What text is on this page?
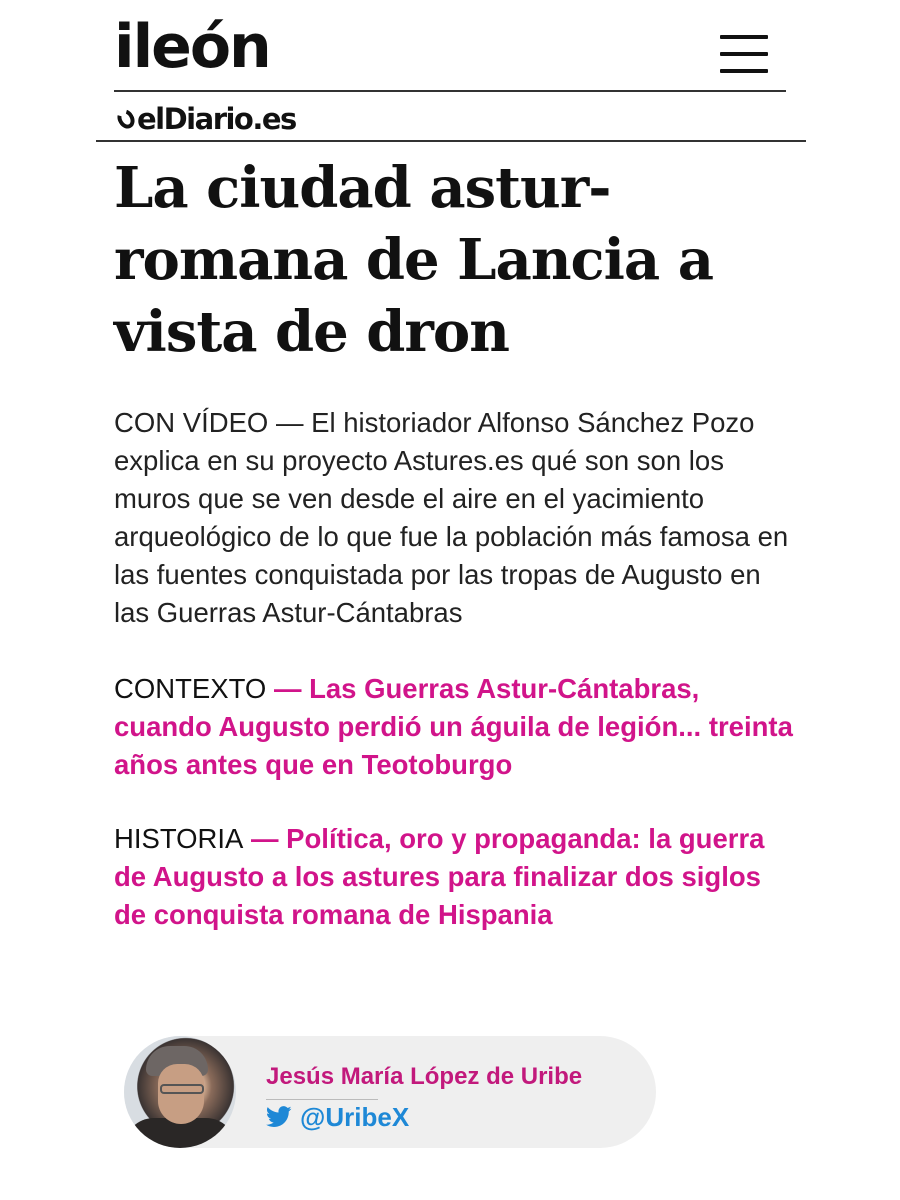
ileón
elDiario.es
La ciudad astur-romana de Lancia a vista de dron

CON VÍDEO — El historiador Alfonso Sánchez Pozo explica en su proyecto Astures.es qué son son los muros que se ven desde el aire en el yacimiento arqueológico de lo que fue la población más famosa en las fuentes conquistada por las tropas de Augusto en las Guerras Astur-Cántabras

CONTEXTO — Las Guerras Astur-Cántabras, cuando Augusto perdió un águila de legión... treinta años antes que en Teotoburgo

HISTORIA — Política, oro y propaganda: la guerra de Augusto a los astures para finalizar dos siglos de conquista romana de Hispania

Jesús María López de Uribe
@UribeX
